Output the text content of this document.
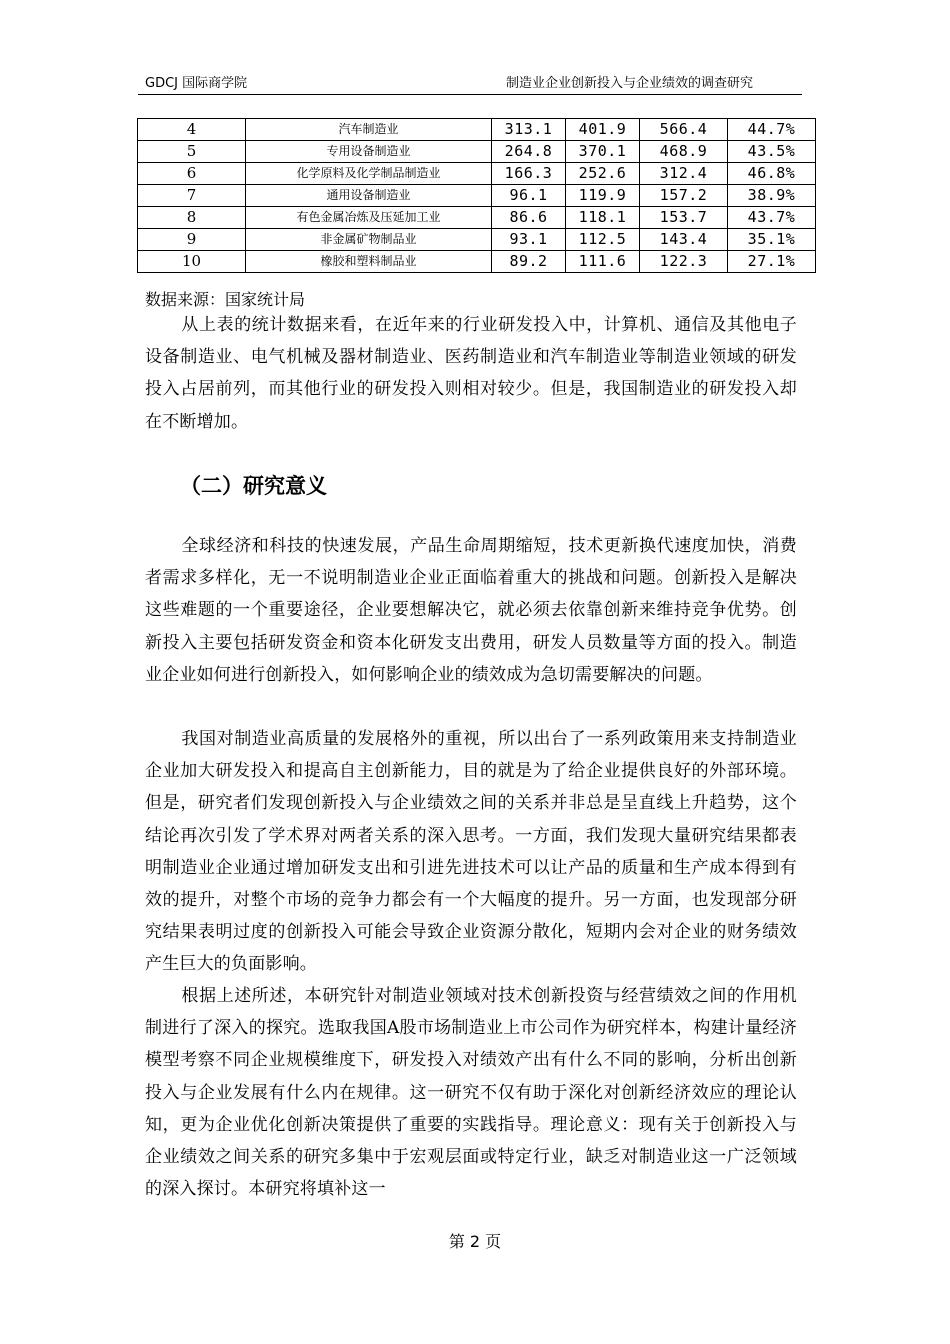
GDCJ 国际商学院	制造业企业创新投入与企业绩效的调查研究
4	汽车制造业	313.1	401.9	566.4	44.7%
5	专用设备制造业	264.8	370.1	468.9	43.5%
6	化学原料及化学制品制造业	166.3	252.6	312.4	46.8%
7	通用设备制造业	96.1	119.9	157.2	38.9%
8	有色金属冶炼及压延加工业	86.6	118.1	153.7	43.7%
9	非金属矿物制品业	93.1	112.5	143.4	35.1%
10	橡胶和塑料制品业	89.2	111.6	122.3	27.1%
数据来源：国家统计局

从上表的统计数据来看，在近年来的行业研发投入中，计算机、通信及其他电子设备制造业、电气机械及器材制造业、医药制造业和汽车制造业等制造业领域的研发投入占居前列，而其他行业的研发投入则相对较少。但是，我国制造业的研发投入却在不断增加。

（二）研究意义

全球经济和科技的快速发展，产品生命周期缩短，技术更新换代速度加快，消费者需求多样化，无一不说明制造业企业正面临着重大的挑战和问题。创新投入是解决这些难题的一个重要途径，企业要想解决它，就必须去依靠创新来维持竞争优势。创新投入主要包括研发资金和资本化研发支出费用，研发人员数量等方面的投入。制造业企业如何进行创新投入，如何影响企业的绩效成为急切需要解决的问题。

我国对制造业高质量的发展格外的重视，所以出台了一系列政策用来支持制造业企业加大研发投入和提高自主创新能力，目的就是为了给企业提供良好的外部环境。但是，研究者们发现创新投入与企业绩效之间的关系并非总是呈直线上升趋势，这个结论再次引发了学术界对两者关系的深入思考。一方面，我们发现大量研究结果都表明制造业企业通过增加研发支出和引进先进技术可以让产品的质量和生产成本得到有效的提升，对整个市场的竞争力都会有一个大幅度的提升。另一方面，也发现部分研究结果表明过度的创新投入可能会导致企业资源分散化，短期内会对企业的财务绩效产生巨大的负面影响。

根据上述所述，本研究针对制造业领域对技术创新投资与经营绩效之间的作用机制进行了深入的探究。选取我国A股市场制造业上市公司作为研究样本，构建计量经济模型考察不同企业规模维度下，研发投入对绩效产出有什么不同的影响，分析出创新投入与企业发展有什么内在规律。这一研究不仅有助于深化对创新经济效应的理论认知，更为企业优化创新决策提供了重要的实践指导。理论意义：现有关于创新投入与企业绩效之间关系的研究多集中于宏观层面或特定行业，缺乏对制造业这一广泛领域的深入探讨。本研究将填补这一

第 2 页
